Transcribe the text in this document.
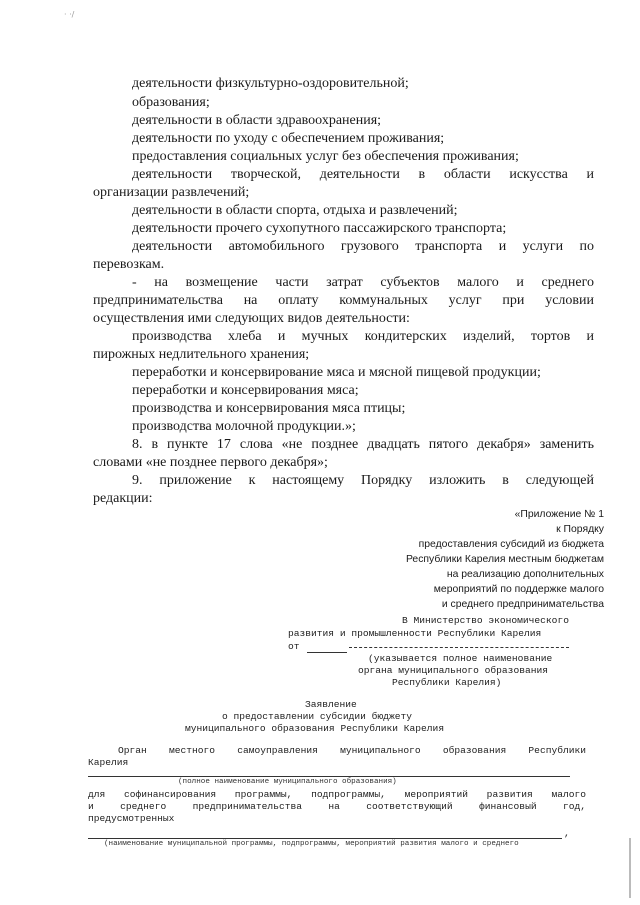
· ·/
деятельности физкультурно-оздоровительной;
образования;
деятельности в области здравоохранения;
деятельности по уходу с обеспечением проживания;
предоставления социальных услуг без обеспечения проживания;
деятельности творческой, деятельности в области искусства и
организации развлечений;
деятельности в области спорта, отдыха и развлечений;
деятельности прочего сухопутного пассажирского транспорта;
деятельности автомобильного грузового транспорта и услуги по
перевозкам.
- на возмещение части затрат субъектов малого и среднего
предпринимательства на оплату коммунальных услуг при условии
осуществления ими следующих видов деятельности:
производства хлеба и мучных кондитерских изделий, тортов и
пирожных недлительного хранения;
переработки и консервирование мяса и мясной пищевой продукции;
переработки и консервирования мяса;
производства и консервирования мяса птицы;
производства молочной продукции.»;
8. в пункте 17 слова «не позднее двадцать пятого декабря» заменить
словами «не позднее первого декабря»;
9. приложение к настоящему Порядку изложить в следующей
редакции:
«Приложение № 1
к Порядку
предоставления субсидий из бюджета
Республики Карелия местным бюджетам
на реализацию дополнительных
мероприятий по поддержке малого
и среднего предпринимательства
В Министерство экономического
развития и промышленности Республики Карелия
от
(указывается полное наименование
органа муниципального образования
Республики Карелия)
Заявление
о предоставлении субсидии бюджету
муниципального образования Республики Карелия
Орган местного самоуправления муниципального образования Республики
Карелия
(полное наименование муниципального образования)
для софинансирования программы, подпрограммы, мероприятий развития малого
и среднего предпринимательства на соответствующий финансовый год,
предусмотренных
,
(наименование муниципальной программы, подпрограммы, мероприятий развития малого и среднего
